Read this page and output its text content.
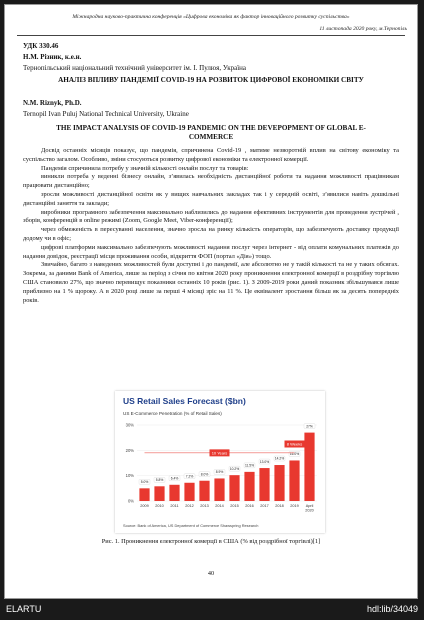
Міжнародна науково-практична конференція «Цифрова економіка як фактор інноваційного розвитку суспільства»
11 листопада 2020 року, м.Тернопіль
УДК 330.46
Н.М. Різник, к.е.н.
Тернопільський національний технічний університет ім. І. Пулюя, Україна
АНАЛІЗ ВПЛИВУ ПАНДЕМІЇ COVID-19 НА РОЗВИТОК ЦИФРОВОЇ ЕКОНОМІКИ СВІТУ
N.M. Riznyk, Ph.D.
Ternopil Ivan Puluj National Technical University, Ukraine
THE IMPACT ANALYSIS OF COVID-19 PANDEMIC ON THE DEVEPOPMENT OF GLOBAL E-COMMERCE

Досвід останніх місяців показує, що пандемія, спричинена Covid-19 , матиме незворотній вплив на світову економіку та суспільство загалом. Особливо, зміни стосуються розвитку цифрової економіки та електронної комерції.

Пандемія спричинила потребу у значній кількості онлайн послуг та товарів:

виникли потреба у веденні бізнесу онлайн, з’явилась необхідність дистанційної роботи та надання можливості працівникам працювати дистанційно;

зросли можливості дистанційної освіти як у вищих навчальних закладах так і у середній освіті, з’явилися навіть дошкільні дистанційні заняття та заклади;

виробники програмного забезпечення максимально наблизились до надання ефективних інструментів для проведення зустрічей , зборів, конференцій в online режимі (Zoom, Google Meet, Viber-конференції);

через обмеженість в пересуванні населення, значно зросла на ринку кількість операторів, що забезпечують доставку продукції додому чи в офіс;

цифрові платформи максимально забезпечують можливості надання послуг через інтернет - від оплати комунальних платежів до надання довідок, реєстрації місця проживання особи, відкриття ФОП (портал «Дія») тощо.

Звичайно, багато з наведених можливостей були доступні і до пандемії, але абсолютно не у такій кількості та не у таких обсягах. Зокрема, за даними Bank of America, лише за період з січня по квітня 2020 року проникнення електронної комерції в роздрібну торгівлю США становило 27%, що значно перевищує показники останніх 10 років (рис. 1). З 2009-2019 роки даний показник збільшувався лише приблизно на 1 % щороку. А в 2020 році лише за перші 4 місяці зріс на 11 %. Це еквівалент зростання більш як за десять попередніх років.

US Retail Sales Forecast ($bn)
US E-Commerce Penetration (% of Retail Sales)
0%
10%
20%
30%
5.0%
2009
5.8%
2010
6.4%
2011
7.2%
2012
8.0%
2013
8.9%
2014
10.2%
2015
11.5%
2016
13.0%
2017
14.2%
2018
16.0%
2019
27%
April
2020
10 Years
8 Weeks
Source: Bank of America, US Department of Commerce Shawspring Research
Рис. 1. Проникнення електронної комерції в США (% від роздрібної торгівлі)[1]
40
ELARTU	hdl:lib/34049
